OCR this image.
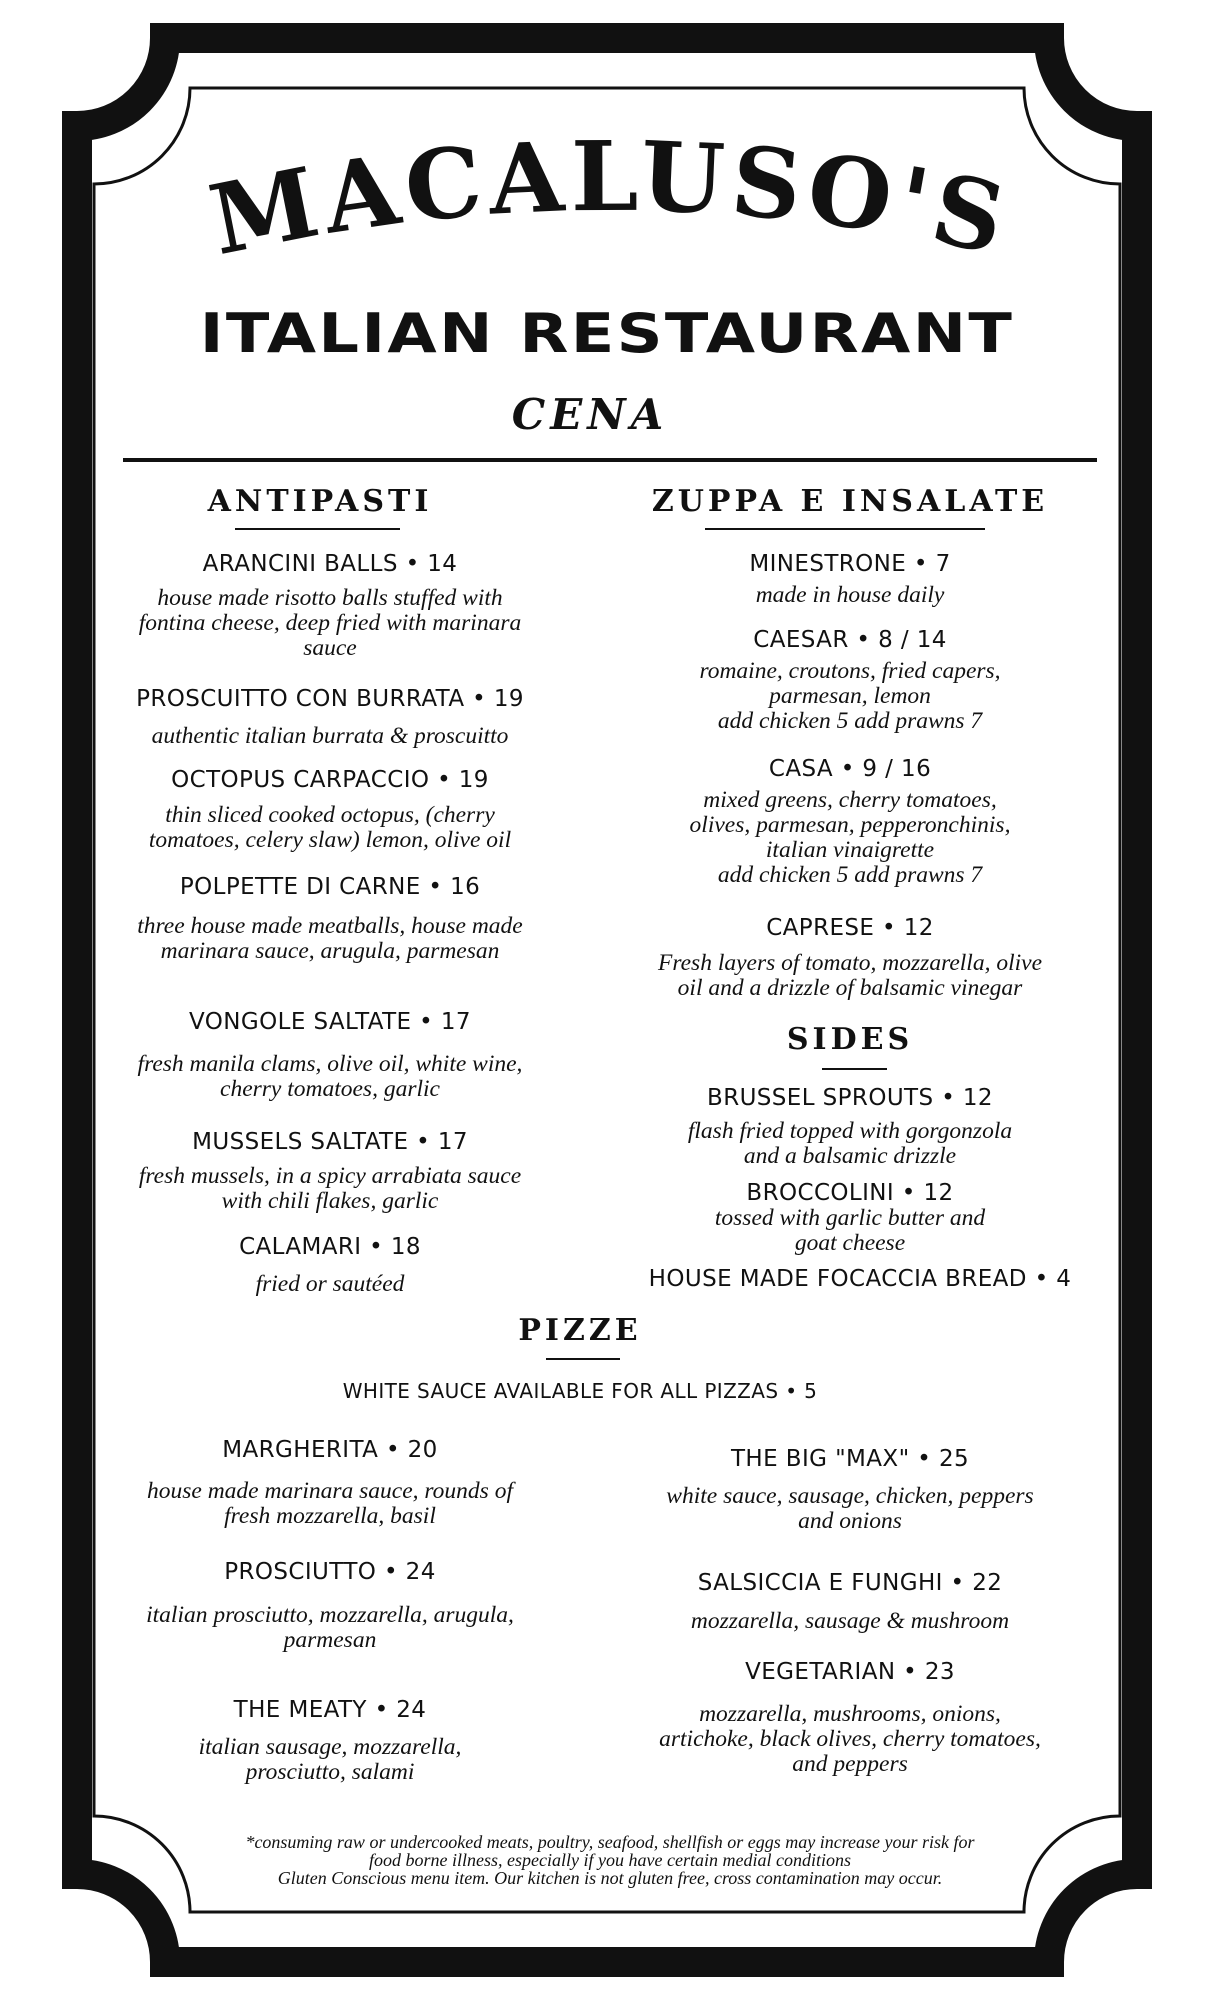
MACALUSO'S
ITALIAN RESTAURANT
CENA
ANTIPASTI
ARANCINI BALLS • 14
house made risotto balls stuffed with
fontina cheese, deep fried with marinara
sauce
PROSCUITTO CON BURRATA • 19
authentic italian burrata & proscuitto
OCTOPUS CARPACCIO • 19
thin sliced cooked octopus, (cherry
tomatoes, celery slaw) lemon, olive oil
POLPETTE DI CARNE • 16
three house made meatballs, house made
marinara sauce, arugula, parmesan
VONGOLE SALTATE • 17
fresh manila clams, olive oil, white wine,
cherry tomatoes, garlic
MUSSELS SALTATE • 17
fresh mussels, in a spicy arrabiata sauce
with chili flakes, garlic
CALAMARI • 18
fried or sautéed
ZUPPA E INSALATE
MINESTRONE • 7
made in house daily
CAESAR • 8 / 14
romaine, croutons, fried capers,
parmesan, lemon
add chicken 5 add prawns 7
CASA • 9 / 16
mixed greens, cherry tomatoes,
olives, parmesan, pepperonchinis,
italian vinaigrette
add chicken 5 add prawns 7
CAPRESE • 12
Fresh layers of tomato, mozzarella, olive
oil and a drizzle of balsamic vinegar
SIDES
BRUSSEL SPROUTS • 12
flash fried topped with gorgonzola
and a balsamic drizzle
BROCCOLINI • 12
tossed with garlic butter and
goat cheese
HOUSE MADE FOCACCIA BREAD • 4
PIZZE
WHITE SAUCE AVAILABLE FOR ALL PIZZAS • 5
MARGHERITA • 20
house made marinara sauce, rounds of
fresh mozzarella, basil
PROSCIUTTO • 24
italian prosciutto, mozzarella, arugula,
parmesan
THE MEATY • 24
italian sausage, mozzarella,
prosciutto, salami
THE BIG "MAX" • 25
white sauce, sausage, chicken, peppers
and onions
SALSICCIA E FUNGHI • 22
mozzarella, sausage & mushroom
VEGETARIAN • 23
mozzarella, mushrooms, onions,
artichoke, black olives, cherry tomatoes,
and peppers
*consuming raw or undercooked meats, poultry, seafood, shellfish or eggs may increase your risk for
food borne illness, especially if you have certain medial conditions
Gluten Conscious menu item. Our kitchen is not gluten free, cross contamination may occur.
